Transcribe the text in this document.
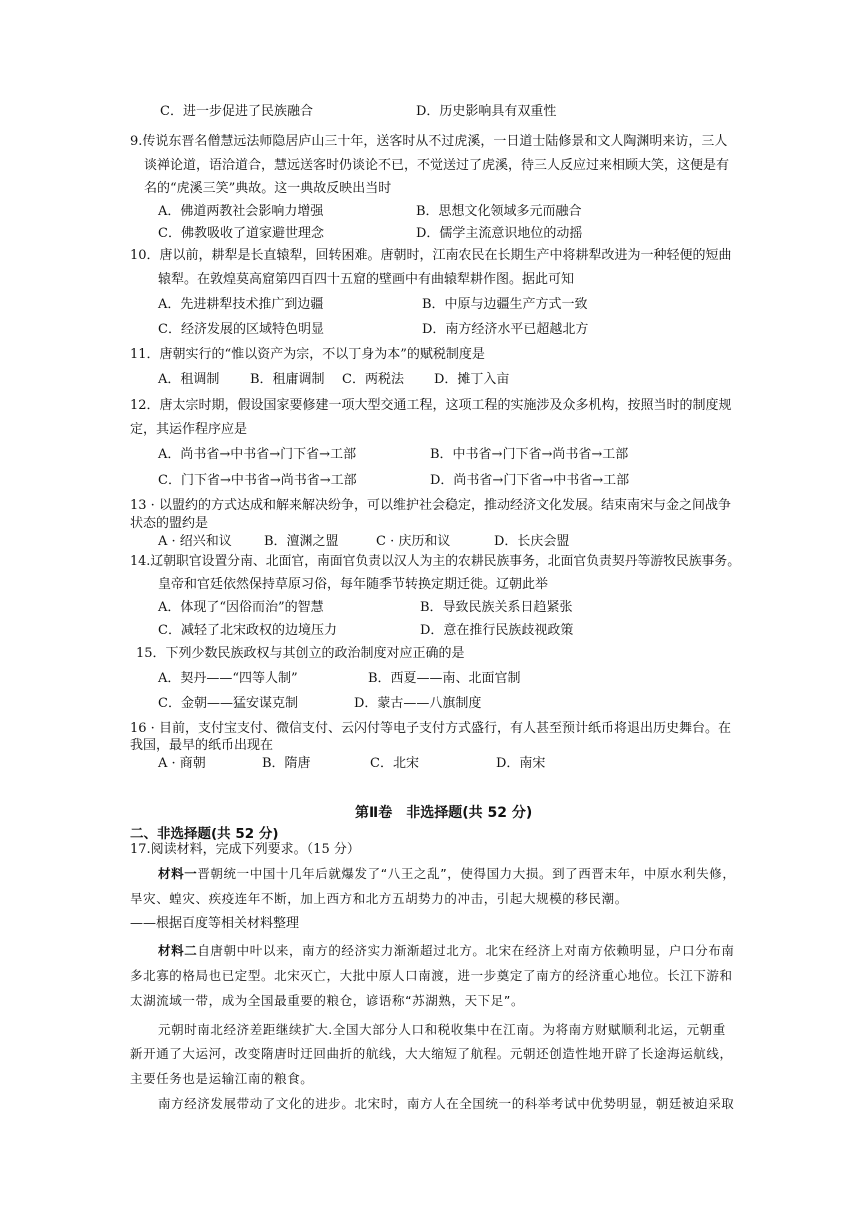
C．进一步促进了民族融合	D．历史影响具有双重性
9.传说东晋名僧慧远法师隐居庐山三十年，送客时从不过虎溪，一日道士陆修景和文人陶渊明来访，三人
谈禅论道，语洽道合，慧远送客时仍谈论不已，不觉送过了虎溪，待三人反应过来相顾大笑，这便是有
名的“虎溪三笑”典故。这一典故反映出当时
A．佛道两教社会影响力增强	B．思想文化领域多元而融合
C．佛教吸收了道家避世理念	D．儒学主流意识地位的动摇
10．唐以前，耕犁是长直辕犁，回转困难。唐朝时，江南农民在长期生产中将耕犁改进为一种轻便的短曲
辕犁。在敦煌莫高窟第四百四十五窟的壁画中有曲辕犁耕作图。据此可知
A．先进耕犁技术推广到边疆	B．中原与边疆生产方式一致
C．经济发展的区域特色明显	D．南方经济水平已超越北方
11．唐朝实行的“惟以资产为宗，不以丁身为本”的赋税制度是
A．租调制 B．租庸调制 C．两税法 D．摊丁入亩
12．唐太宗时期，假设国家要修建一项大型交通工程，这项工程的实施涉及众多机构，按照当时的制度规
定，其运作程序应是
A．尚书省→中书省→门下省→工部	B．中书省→门下省→尚书省→工部
C．门下省→中书省→尚书省→工部	D．尚书省→门下省→中书省→工部
13 · 以盟约的方式达成和解来解决纷争，可以维护社会稳定，推动经济文化发展。结束南宋与金之间战争
状态的盟约是
A · 绍兴和议 B．澶渊之盟	C · 庆历和议	D．长庆会盟
14.辽朝职官设置分南、北面官，南面官负责以汉人为主的农耕民族事务，北面官负责契丹等游牧民族事务。
皇帝和官廷依然保持草原习俗，每年随季节转换定期迁徙。辽朝此举
A．体现了“因俗而治”的智慧	B．导致民族关系日趋紧张
C．减轻了北宋政权的边境压力	D．意在推行民族歧视政策
15．下列少数民族政权与其创立的政治制度对应正确的是
A．契丹——“四等人制”	B．西夏——南、北面官制
C．金朝——猛安谋克制	D．蒙古——八旗制度
16 · 目前，支付宝支付、微信支付、云闪付等电子支付方式盛行，有人甚至预计纸币将退出历史舞台。在
我国，最早的纸币出现在
A · 商朝	B．隋唐	C．北宋	D．南宋
第Ⅱ卷　非选择题(共 52 分)
二、非选择题(共 52 分)
17.阅读材料，完成下列要求。（15 分）
材料一晋朝统一中国十几年后就爆发了“八王之乱”，使得国力大损。到了西晋末年，中原水利失修，
旱灾、蝗灾、疾疫连年不断，加上西方和北方五胡势力的冲击，引起大规模的移民潮。
——根据百度等相关材料整理
材料二自唐朝中叶以来，南方的经济实力渐渐超过北方。北宋在经济上对南方依赖明显，户口分布南
多北寡的格局也已定型。北宋灭亡，大批中原人口南渡，进一步奠定了南方的经济重心地位。长江下游和
太湖流域一带，成为全国最重要的粮仓，谚语称“苏湖熟，天下足”。
元朝时南北经济差距继续扩大.全国大部分人口和税收集中在江南。为将南方财赋顺利北运，元朝重
新开通了大运河，改变隋唐时迂回曲折的航线，大大缩短了航程。元朝还创造性地开辟了长途海运航线，
主要任务也是运输江南的粮食。
南方经济发展带动了文化的进步。北宋时，南方人在全国统一的科举考试中优势明显，朝廷被迫采取
